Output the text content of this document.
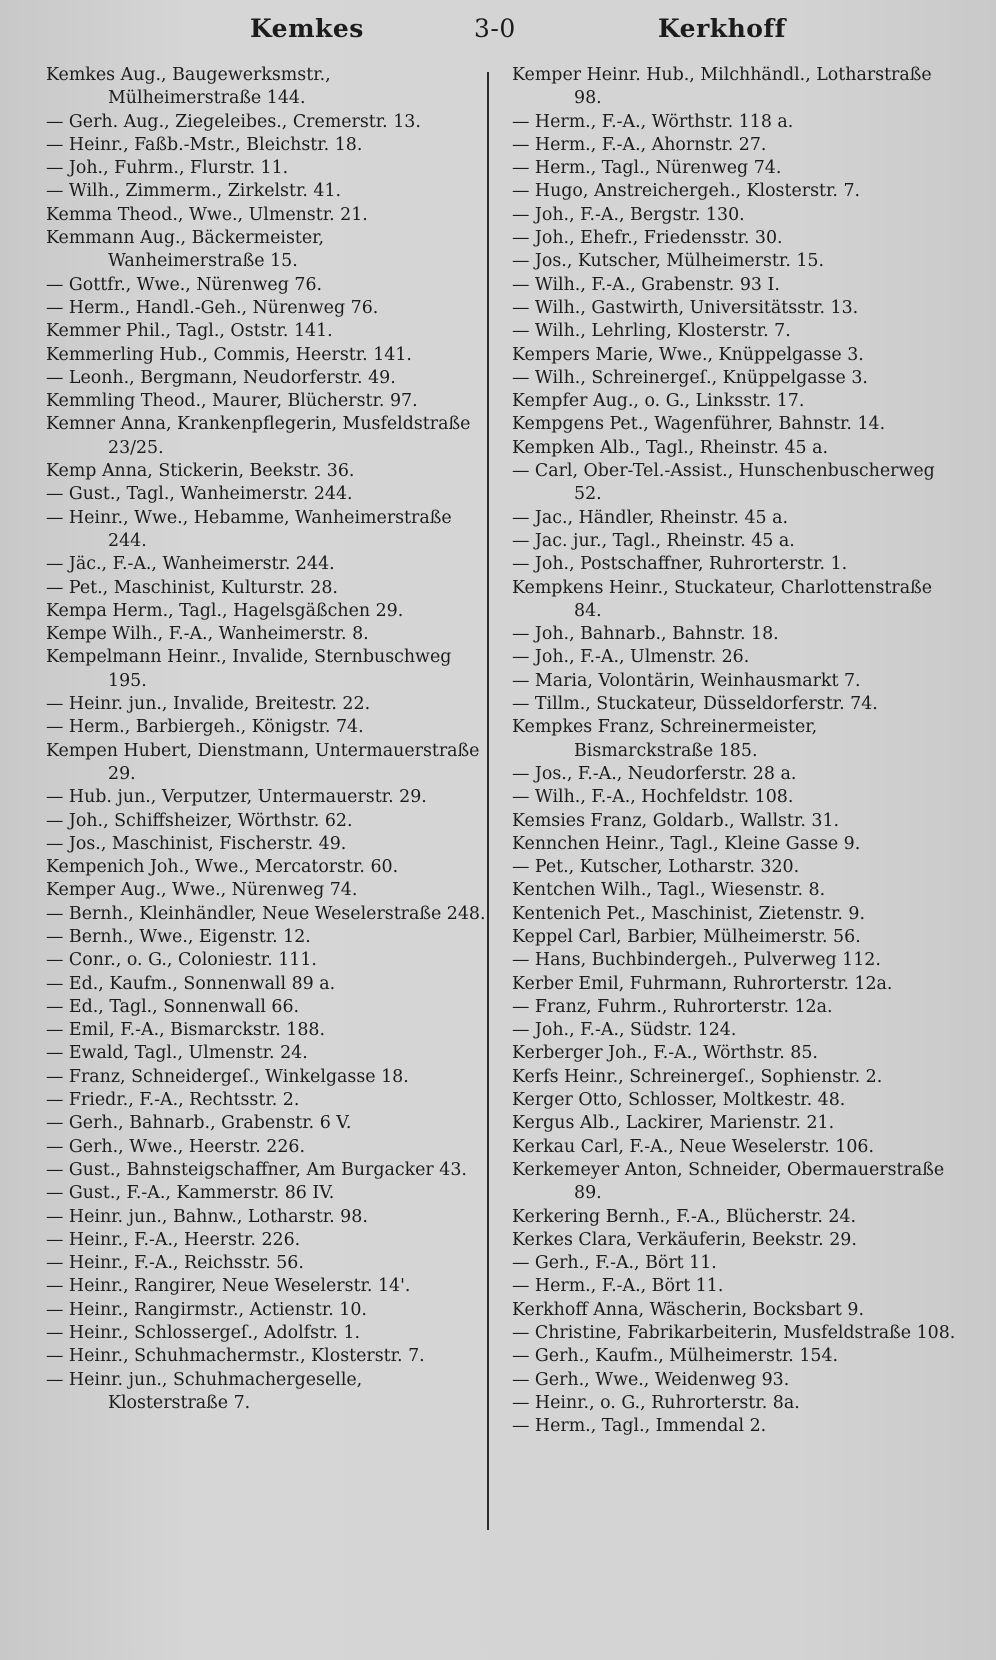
Kemkes	3-0	Kerkhoff
Kemkes Aug., Baugewerksmstr., Mülheimerstraße 144.
— Gerh. Aug., Ziegeleibes., Cremerstr. 13.
— Heinr., Faßb.-Mstr., Bleichstr. 18.
— Joh., Fuhrm., Flurstr. 11.
— Wilh., Zimmerm., Zirkelstr. 41.
Kemma Theod., Wwe., Ulmenstr. 21.
Kemmann Aug., Bäckermeister, Wanheimerstraße 15.
— Gottfr., Wwe., Nürenweg 76.
— Herm., Handl.-Geh., Nürenweg 76.
Kemmer Phil., Tagl., Oststr. 141.
Kemmerling Hub., Commis, Heerstr. 141.
— Leonh., Bergmann, Neudorferstr. 49.
Kemmling Theod., Maurer, Blücherstr. 97.
Kemner Anna, Krankenpflegerin, Musfeldstraße 23/25.
Kemp Anna, Stickerin, Beekstr. 36.
— Gust., Tagl., Wanheimerstr. 244.
— Heinr., Wwe., Hebamme, Wanheimerstraße 244.
— Jäc., F.-A., Wanheimerstr. 244.
— Pet., Maschinist, Kulturstr. 28.
Kempa Herm., Tagl., Hagelsgäßchen 29.
Kempe Wilh., F.-A., Wanheimerstr. 8.
Kempelmann Heinr., Invalide, Sternbuschweg 195.
— Heinr. jun., Invalide, Breitestr. 22.
— Herm., Barbiergeh., Königstr. 74.
Kempen Hubert, Dienstmann, Untermauerstraße 29.
— Hub. jun., Verputzer, Untermauerstr. 29.
— Joh., Schiffsheizer, Wörthstr. 62.
— Jos., Maschinist, Fischerstr. 49.
Kempenich Joh., Wwe., Mercatorstr. 60.
Kemper Aug., Wwe., Nürenweg 74.
— Bernh., Kleinhändler, Neue Weselerstraße 248.
— Bernh., Wwe., Eigenstr. 12.
— Conr., o. G., Coloniestr. 111.
— Ed., Kaufm., Sonnenwall 89 a.
— Ed., Tagl., Sonnenwall 66.
— Emil, F.-A., Bismarckstr. 188.
— Ewald, Tagl., Ulmenstr. 24.
— Franz, Schneidergeſ., Winkelgasse 18.
— Friedr., F.-A., Rechtsstr. 2.
— Gerh., Bahnarb., Grabenstr. 6 V.
— Gerh., Wwe., Heerstr. 226.
— Gust., Bahnsteigschaffner, Am Burgacker 43.
— Gust., F.-A., Kammerstr. 86 IV.
— Heinr. jun., Bahnw., Lotharstr. 98.
— Heinr., F.-A., Heerstr. 226.
— Heinr., F.-A., Reichsstr. 56.
— Heinr., Rangirer, Neue Weselerstr. 14'.
— Heinr., Rangirmstr., Actienstr. 10.
— Heinr., Schlossergeſ., Adolfstr. 1.
— Heinr., Schuhmachermstr., Klosterstr. 7.
— Heinr. jun., Schuhmachergeselle, Klosterstraße 7.
Kemper Heinr. Hub., Milchhändl., Lotharstraße 98.
— Herm., F.-A., Wörthstr. 118 a.
— Herm., F.-A., Ahornstr. 27.
— Herm., Tagl., Nürenweg 74.
— Hugo, Anstreichergeh., Klosterstr. 7.
— Joh., F.-A., Bergstr. 130.
— Joh., Ehefr., Friedensstr. 30.
— Jos., Kutscher, Mülheimerstr. 15.
— Wilh., F.-A., Grabenstr. 93 I.
— Wilh., Gastwirth, Universitätsstr. 13.
— Wilh., Lehrling, Klosterstr. 7.
Kempers Marie, Wwe., Knüppelgasse 3.
— Wilh., Schreinergeſ., Knüppelgasse 3.
Kempfer Aug., o. G., Linksstr. 17.
Kempgens Pet., Wagenführer, Bahnstr. 14.
Kempken Alb., Tagl., Rheinstr. 45 a.
— Carl, Ober-Tel.-Assist., Hunschenbuscherweg 52.
— Jac., Händler, Rheinstr. 45 a.
— Jac. jur., Tagl., Rheinstr. 45 a.
— Joh., Postschaffner, Ruhrorterstr. 1.
Kempkens Heinr., Stuckateur, Charlottenstraße 84.
— Joh., Bahnarb., Bahnstr. 18.
— Joh., F.-A., Ulmenstr. 26.
— Maria, Volontärin, Weinhausmarkt 7.
— Tillm., Stuckateur, Düsseldorferstr. 74.
Kempkes Franz, Schreinermeister, Bismarckstraße 185.
— Jos., F.-A., Neudorferstr. 28 a.
— Wilh., F.-A., Hochfeldstr. 108.
Kemsies Franz, Goldarb., Wallstr. 31.
Kennchen Heinr., Tagl., Kleine Gasse 9.
— Pet., Kutscher, Lotharstr. 320.
Kentchen Wilh., Tagl., Wiesenstr. 8.
Kentenich Pet., Maschinist, Zietenstr. 9.
Keppel Carl, Barbier, Mülheimerstr. 56.
— Hans, Buchbindergeh., Pulverweg 112.
Kerber Emil, Fuhrmann, Ruhrorterstr. 12a.
— Franz, Fuhrm., Ruhrorterstr. 12a.
— Joh., F.-A., Südstr. 124.
Kerberger Joh., F.-A., Wörthstr. 85.
Kerfs Heinr., Schreinergeſ., Sophienstr. 2.
Kerger Otto, Schlosser, Moltkestr. 48.
Kergus Alb., Lackirer, Marienstr. 21.
Kerkau Carl, F.-A., Neue Weselerstr. 106.
Kerkemeyer Anton, Schneider, Obermauerstraße 89.
Kerkering Bernh., F.-A., Blücherstr. 24.
Kerkes Clara, Verkäuferin, Beekstr. 29.
— Gerh., F.-A., Bört 11.
— Herm., F.-A., Bört 11.
Kerkhoff Anna, Wäscherin, Bocksbart 9.
— Christine, Fabrikarbeiterin, Musfeldstraße 108.
— Gerh., Kaufm., Mülheimerstr. 154.
— Gerh., Wwe., Weidenweg 93.
— Heinr., o. G., Ruhrorterstr. 8a.
— Herm., Tagl., Immendal 2.
